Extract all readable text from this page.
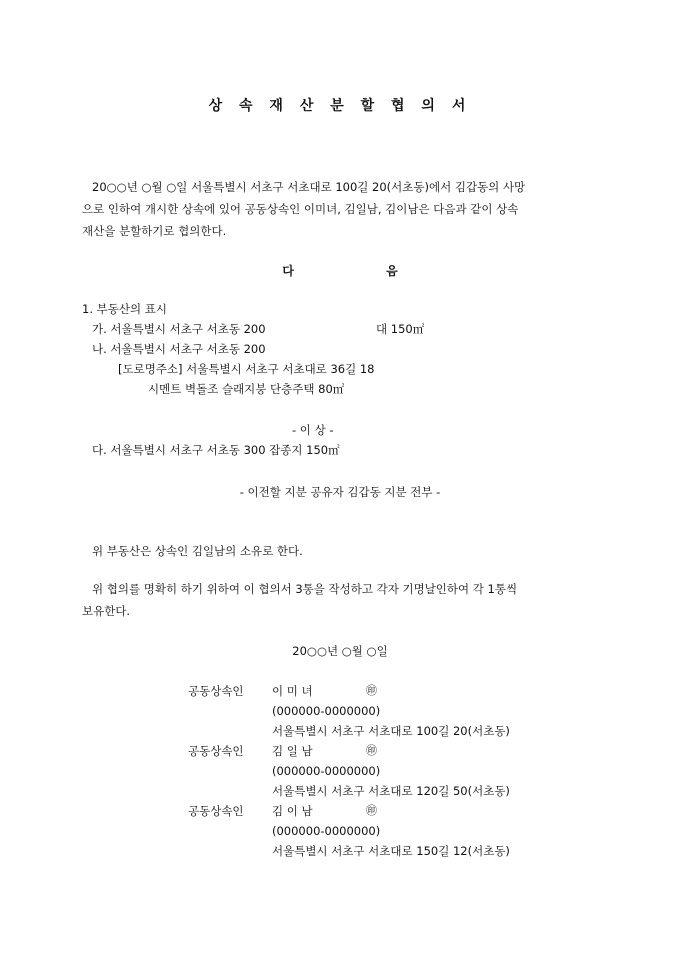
상 속 재 산 분 할 협 의 서

20○○년 ○월 ○일 서울특별시 서초구 서초대로 100길 20(서초동)에서 김갑동의 사망

으로 인하여 개시한 상속에 있어 공동상속인 이미녀, 김일남, 김이남은 다음과 같이 상속

재산을 분할하기로 협의한다.

다 음
1. 부동산의 표시
가. 서울특별시 서초구 서초동 200	대 150㎡
나. 서울특별시 서초구 서초동 200
[도로명주소] 서울특별시 서초구 서초대로 36길 18
시멘트 벽돌조 슬래지붕 단층주택 80㎡
- 이 상 -
다. 서울특별시 서초구 서초동 300 잡종지 150㎡
- 이전할 지분 공유자 김갑동 지분 전부 -
위 부동산은 상속인 김일남의 소유로 한다.

위 협의를 명확히 하기 위하여 이 협의서 3통을 작성하고 각자 기명날인하여 각 1통씩

보유한다.

20○○년 ○월 ○일
공동상속인 이 미 녀	㊞
(000000-0000000)
서울특별시 서초구 서초대로 100길 20(서초동)
공동상속인 김 일 남	㊞
(000000-0000000)
서울특별시 서초구 서초대로 120길 50(서초동)
공동상속인 김 이 남	㊞
(000000-0000000)
서울특별시 서초구 서초대로 150길 12(서초동)
